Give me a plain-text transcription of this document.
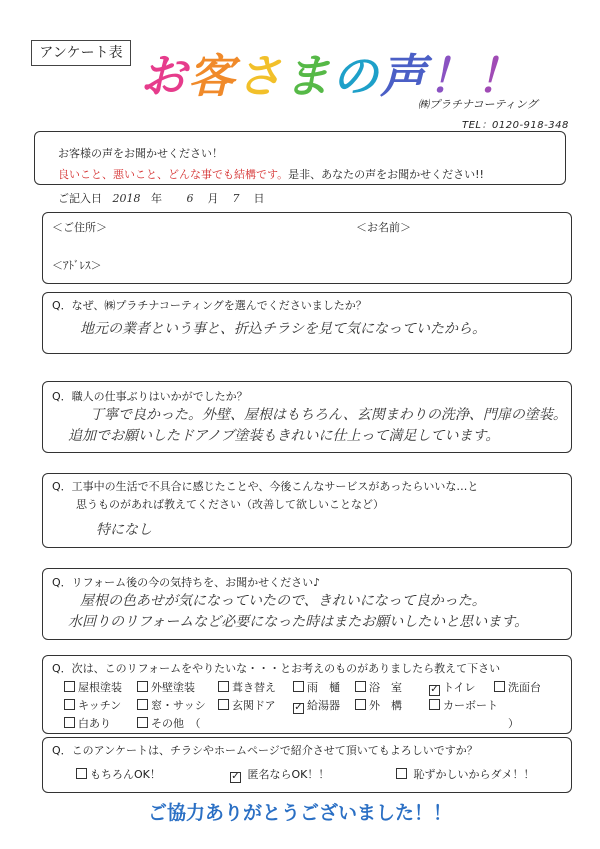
アンケート表 お客さまの声！！
㈱プラチナコーティング
TEL：0120-918-348
お客様の声をお聞かせください！
良いこと、悪いこと、どんな事でも結構です。是非、あなたの声をお聞かせください!!
ご記入日 2018 年 6 月 7 日
＜ご住所＞	＜お名前＞
＜ｱﾄﾞﾚｽ＞
Q．なぜ、㈱プラチナコーティングを選んでくださいましたか？
地元の業者という事と、折込チラシを見て気になっていたから。
Q．職人の仕事ぶりはいかがでしたか？
丁寧で良かった。外壁、屋根はもちろん、玄関まわりの洗浄、門扉の塗装。
追加でお願いしたドアノブ塗装もきれいに仕上って満足しています。
Q．工事中の生活で不具合に感じたことや、今後こんなサービスがあったらいいな…と
思うものがあれば教えてください（改善して欲しいことなど）
特になし
Q．リフォーム後の今の気持ちを、お聞かせください♪
屋根の色あせが気になっていたので、きれいになって良かった。
水回りのリフォームなど必要になった時はまたお願いしたいと思います。
Q．次は、このリフォームをやりたいな・・・とお考えのものがありましたら教えて下さい
屋根塗装	外壁塗装	葺き替え	雨　樋	浴　室	✓ トイレ	洗面台
キッチン	窓・サッシ	玄関ドア ✓ 給湯器	外　構	カーボート
白あり	その他　（	）
Q．このアンケートは、チラシやホームページで紹介させて頂いてもよろしいですか？
もちろんOK！	✓ 匿名ならOK！！	恥ずかしいからダメ！！
ご協力ありがとうございました！！
